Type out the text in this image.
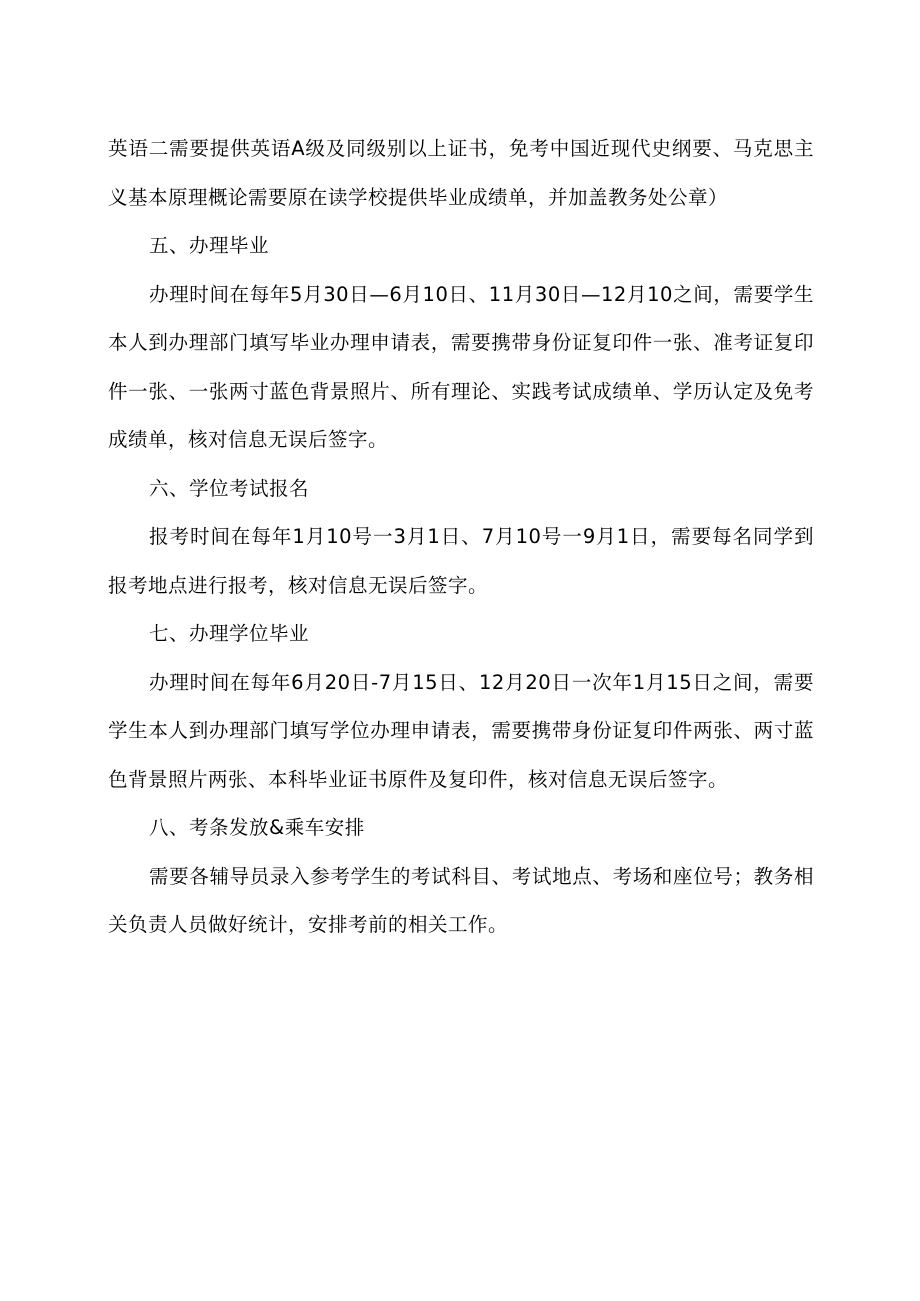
英语二需要提供英语A级及同级别以上证书，免考中国近现代史纲要、马克思主义基本原理概论需要原在读学校提供毕业成绩单，并加盖教务处公章）

五、办理毕业

办理时间在每年5月30日—6月10日、11月30日—12月10之间，需要学生本人到办理部门填写毕业办理申请表，需要携带身份证复印件一张、准考证复印件一张、一张两寸蓝色背景照片、所有理论、实践考试成绩单、学历认定及免考成绩单，核对信息无误后签字。

六、学位考试报名

报考时间在每年1月10号一3月1日、7月10号一9月1日，需要每名同学到报考地点进行报考，核对信息无误后签字。

七、办理学位毕业

办理时间在每年6月20日-7月15日、12月20日一次年1月15日之间，需要学生本人到办理部门填写学位办理申请表，需要携带身份证复印件两张、两寸蓝色背景照片两张、本科毕业证书原件及复印件，核对信息无误后签字。

八、考条发放&乘车安排

需要各辅导员录入参考学生的考试科目、考试地点、考场和座位号；教务相关负责人员做好统计，安排考前的相关工作。
